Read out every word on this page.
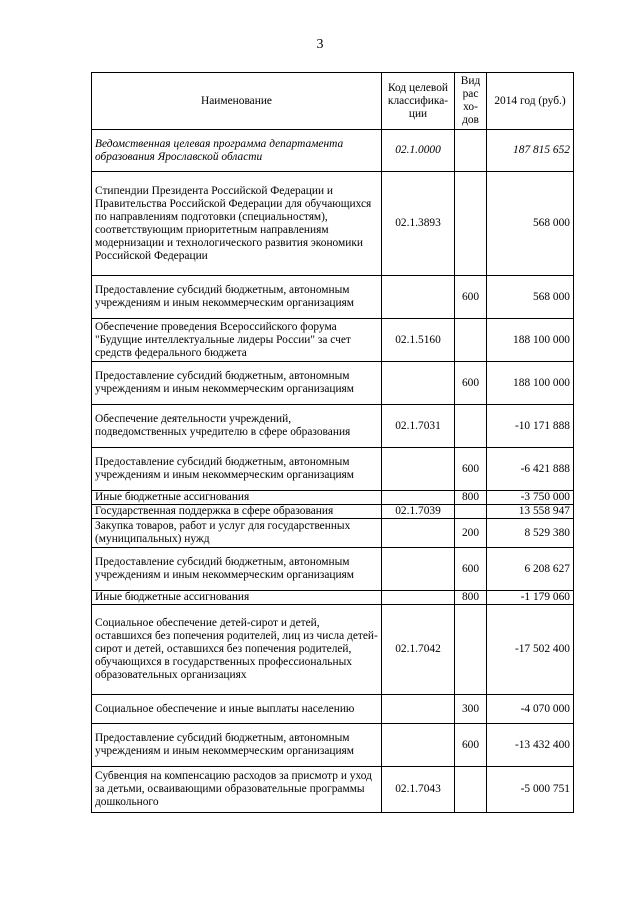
3
Наименование	Код целевой классифика-ции	Вид рас хо-дов	2014 год (руб.)
Ведомственная целевая программа департамента образования Ярославской области	02.1.0000		187 815 652
Стипендии Президента Российской Федерации и Правительства Российской Федерации для обучающихся по направлениям подготовки (специальностям), соответствующим приоритетным направлениям модернизации и технологического развития экономики Российской Федерации	02.1.3893		568 000
Предоставление субсидий бюджетным, автономным учреждениям и иным некоммерческим организациям		600	568 000
Обеспечение проведения Всероссийского форума "Будущие интеллектуальные лидеры России" за счет средств федерального бюджета	02.1.5160		188 100 000
Предоставление субсидий бюджетным, автономным учреждениям и иным некоммерческим организациям		600	188 100 000
Обеспечение деятельности учреждений, подведомственных учредителю в сфере образования	02.1.7031		-10 171 888
Предоставление субсидий бюджетным, автономным учреждениям и иным некоммерческим организациям		600	-6 421 888
Иные бюджетные ассигнования		800	-3 750 000
Государственная поддержка в сфере образования	02.1.7039		13 558 947
Закупка товаров, работ и услуг для государственных (муниципальных) нужд		200	8 529 380
Предоставление субсидий бюджетным, автономным учреждениям и иным некоммерческим организациям		600	6 208 627
Иные бюджетные ассигнования		800	-1 179 060
Социальное обеспечение детей-сирот и детей, оставшихся без попечения родителей, лиц из числа детей-сирот и детей, оставшихся без попечения родителей, обучающихся в государственных профессиональных образовательных организациях	02.1.7042		-17 502 400
Социальное обеспечение и иные выплаты населению		300	-4 070 000
Предоставление субсидий бюджетным, автономным учреждениям и иным некоммерческим организациям		600	-13 432 400
Субвенция на компенсацию расходов за присмотр и уход за детьми, осваивающими образовательные программы дошкольного	02.1.7043		-5 000 751
